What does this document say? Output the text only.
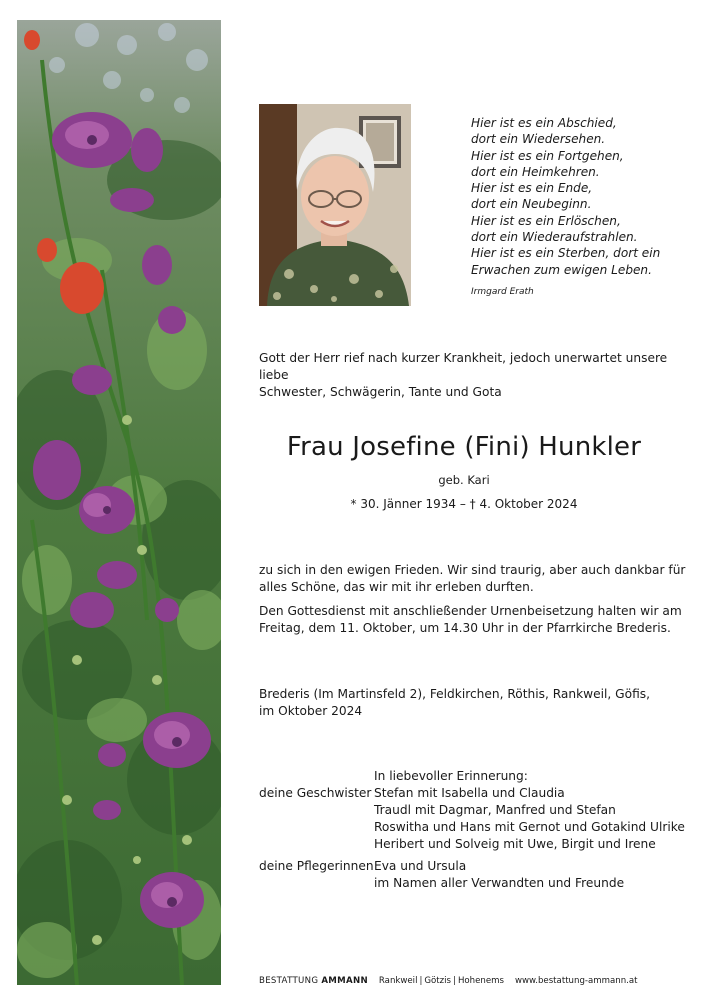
Hier ist es ein Abschied,
dort ein Wiedersehen.
Hier ist es ein Fortgehen,
dort ein Heimkehren.
Hier ist es ein Ende,
dort ein Neubeginn.
Hier ist es ein Erlöschen,
dort ein Wiederaufstrahlen.
Hier ist es ein Sterben, dort ein
Erwachen zum ewigen Leben.
Irmgard Erath
Gott der Herr rief nach kurzer Krankheit, jedoch unerwartet unsere liebe
Schwester, Schwägerin, Tante und Gota
Frau Josefine (Fini) Hunkler
geb. Kari
* 30. Jänner 1934 – † 4. Oktober 2024
zu sich in den ewigen Frieden. Wir sind traurig, aber auch dankbar für
alles Schöne, das wir mit ihr erleben durften.
Den Gottesdienst mit anschließender Urnenbeisetzung halten wir am
Freitag, dem 11. Oktober, um 14.30 Uhr in der Pfarrkirche Brederis.
Brederis (Im Martinsfeld 2), Feldkirchen, Röthis, Rankweil, Göfis,
im Oktober 2024
In liebevoller Erinnerung:
deine Geschwister Stefan mit Isabella und Claudia
Traudl mit Dagmar, Manfred und Stefan
Roswitha und Hans mit Gernot und Gotakind Ulrike
Heribert und Solveig mit Uwe, Birgit und Irene
deine Pflegerinnen Eva und Ursula
im Namen aller Verwandten und Freunde
BESTATTUNG AMMANN Rankweil | Götzis | Hohenems www.bestattung-ammann.at
